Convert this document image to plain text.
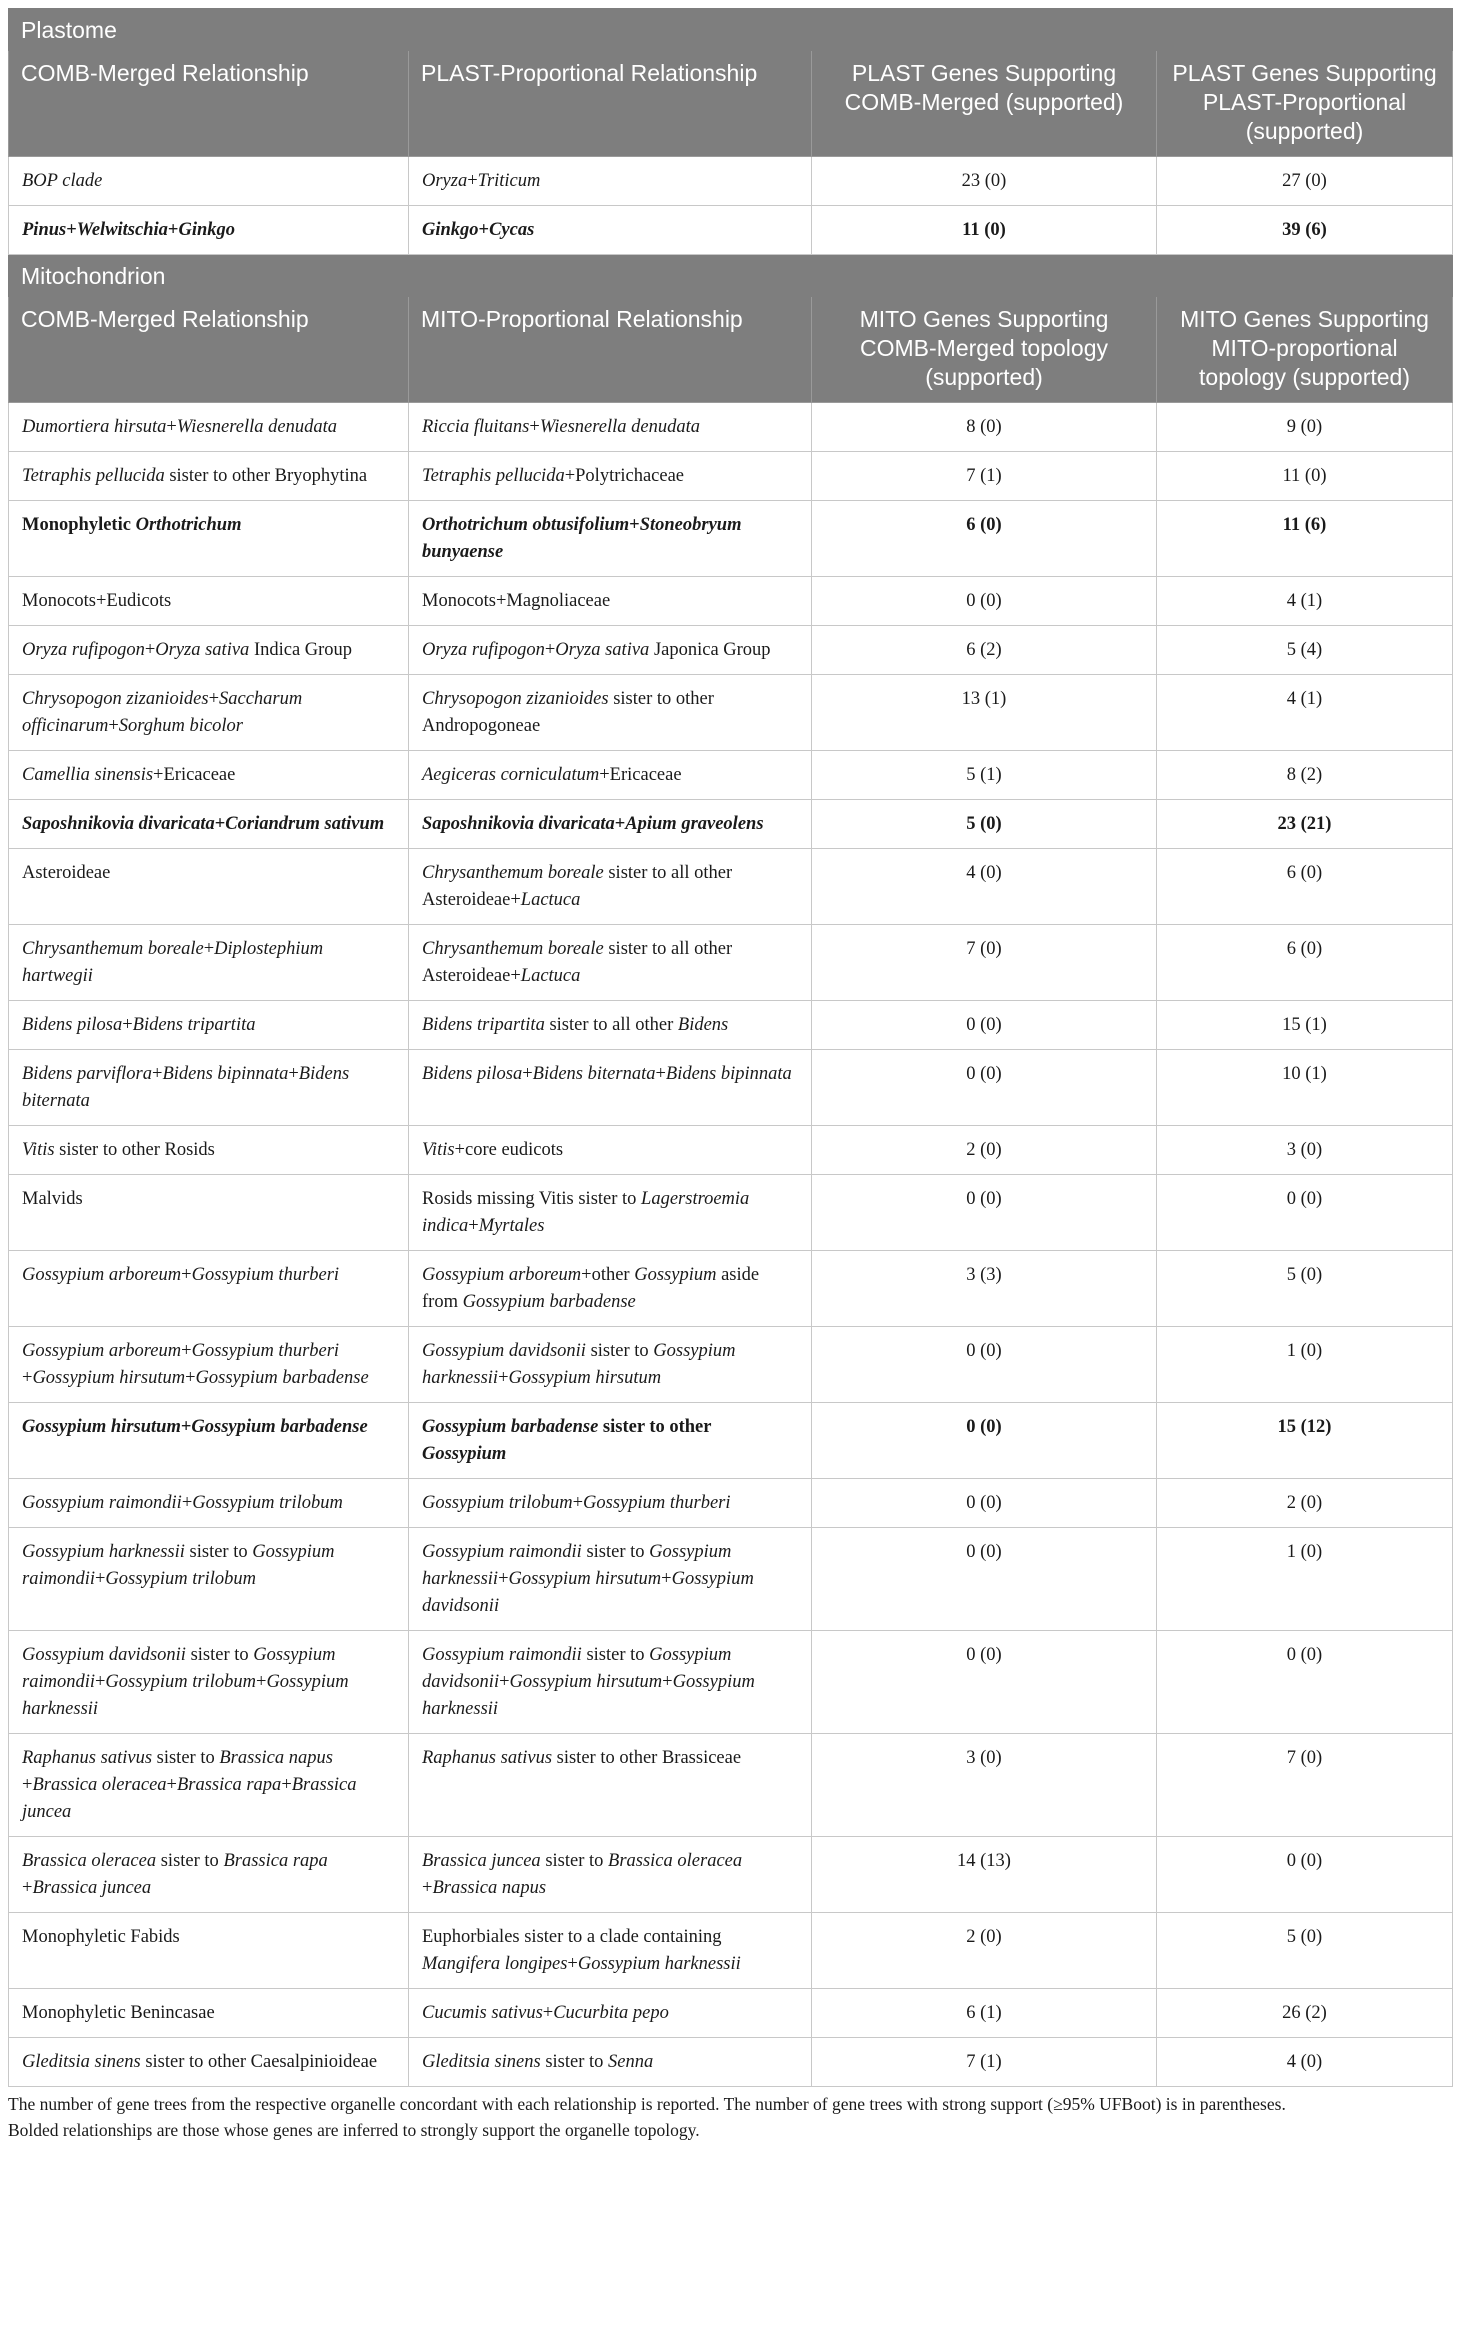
Plastome			
COMB-Merged Relationship	PLAST-Proportional Relationship	PLAST Genes Supporting COMB-Merged (supported)	PLAST Genes Supporting PLAST-Proportional (supported)
BOP clade	Oryza+Triticum	23 (0)	27 (0)
Pinus+Welwitschia+Ginkgo	Ginkgo+Cycas	11 (0)	39 (6)
Mitochondrion			
COMB-Merged Relationship	MITO-Proportional Relationship	MITO Genes Supporting COMB-Merged topology (supported)	MITO Genes Supporting MITO-proportional topology (supported)
Dumortiera hirsuta+Wiesnerella denudata	Riccia fluitans+Wiesnerella denudata	8 (0)	9 (0)
Tetraphis pellucida sister to other Bryophytina	Tetraphis pellucida+Polytrichaceae	7 (1)	11 (0)
Monophyletic Orthotrichum	Orthotrichum obtusifolium+Stoneobryum bunyaense	6 (0)	11 (6)
Monocots+Eudicots	Monocots+Magnoliaceae	0 (0)	4 (1)
Oryza rufipogon+Oryza sativa Indica Group	Oryza rufipogon+Oryza sativa Japonica Group	6 (2)	5 (4)
Chrysopogon zizanioides+Saccharum officinarum+Sorghum bicolor	Chrysopogon zizanioides sister to other Andropogoneae	13 (1)	4 (1)
Camellia sinensis+Ericaceae	Aegiceras corniculatum+Ericaceae	5 (1)	8 (2)
Saposhnikovia divaricata+Coriandrum sativum	Saposhnikovia divaricata+Apium graveolens	5 (0)	23 (21)
Asteroideae	Chrysanthemum boreale sister to all other Asteroideae+Lactuca	4 (0)	6 (0)
Chrysanthemum boreale+Diplostephium hartwegii	Chrysanthemum boreale sister to all other Asteroideae+Lactuca	7 (0)	6 (0)
Bidens pilosa+Bidens tripartita	Bidens tripartita sister to all other Bidens	0 (0)	15 (1)
Bidens parviflora+Bidens bipinnata+Bidens biternata	Bidens pilosa+Bidens biternata+Bidens bipinnata	0 (0)	10 (1)
Vitis sister to other Rosids	Vitis+core eudicots	2 (0)	3 (0)
Malvids	Rosids missing Vitis sister to Lagerstroemia indica+Myrtales	0 (0)	0 (0)
Gossypium arboreum+Gossypium thurberi	Gossypium arboreum+other Gossypium aside from Gossypium barbadense	3 (3)	5 (0)
Gossypium arboreum+Gossypium thurberi +Gossypium hirsutum+Gossypium barbadense	Gossypium davidsonii sister to Gossypium harknessii+Gossypium hirsutum	0 (0)	1 (0)
Gossypium hirsutum+Gossypium barbadense	Gossypium barbadense sister to other Gossypium	0 (0)	15 (12)
Gossypium raimondii+Gossypium trilobum	Gossypium trilobum+Gossypium thurberi	0 (0)	2 (0)
Gossypium harknessii sister to Gossypium raimondii+Gossypium trilobum	Gossypium raimondii sister to Gossypium harknessii+Gossypium hirsutum+Gossypium davidsonii	0 (0)	1 (0)
Gossypium davidsonii sister to Gossypium raimondii+Gossypium trilobum+Gossypium harknessii	Gossypium raimondii sister to Gossypium davidsonii+Gossypium hirsutum+Gossypium harknessii	0 (0)	0 (0)
Raphanus sativus sister to Brassica napus +Brassica oleracea+Brassica rapa+Brassica juncea	Raphanus sativus sister to other Brassiceae	3 (0)	7 (0)
Brassica oleracea sister to Brassica rapa +Brassica juncea	Brassica juncea sister to Brassica oleracea +Brassica napus	14 (13)	0 (0)
Monophyletic Fabids	Euphorbiales sister to a clade containing Mangifera longipes+Gossypium harknessii	2 (0)	5 (0)
Monophyletic Benincasae	Cucumis sativus+Cucurbita pepo	6 (1)	26 (2)
Gleditsia sinens sister to other Caesalpinioideae	Gleditsia sinens sister to Senna	7 (1)	4 (0)

The number of gene trees from the respective organelle concordant with each relationship is reported. The number of gene trees with strong support (≥95% UFBoot) is in parentheses.

Bolded relationships are those whose genes are inferred to strongly support the organelle topology.
